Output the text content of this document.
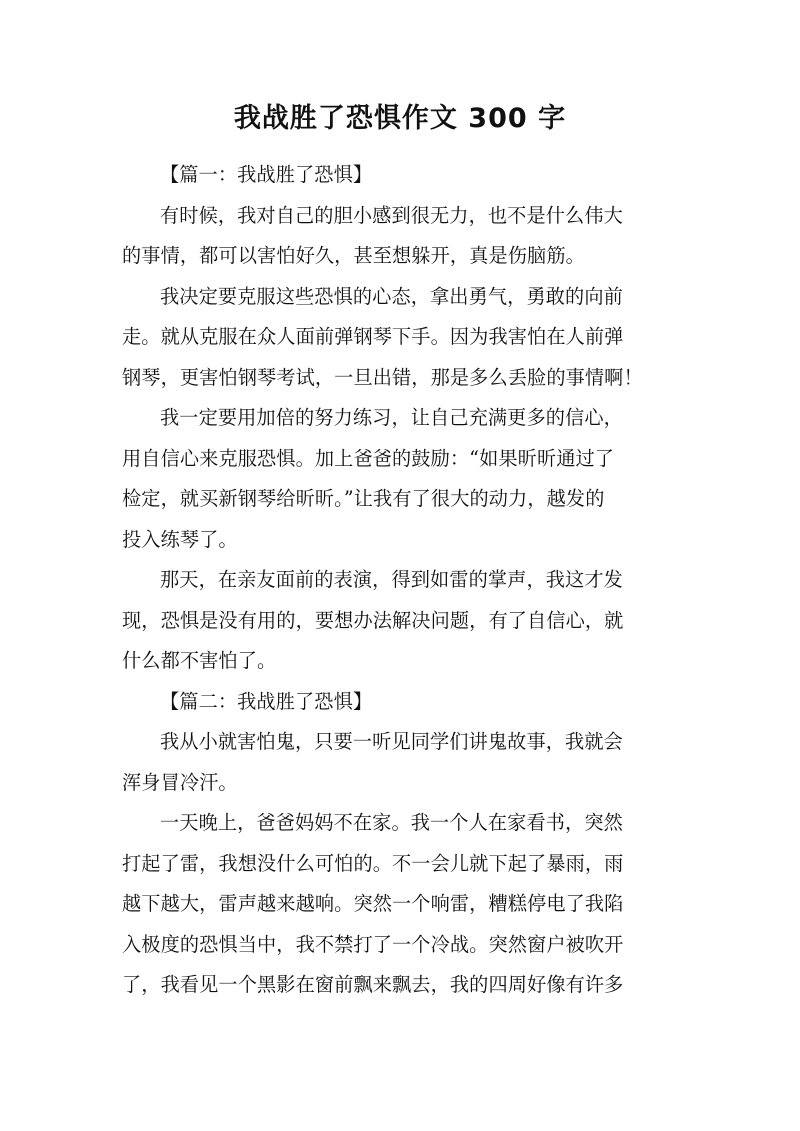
我战胜了恐惧作文 300 字
【篇一：我战胜了恐惧】
有时候，我对自己的胆小感到很无力，也不是什么伟大
的事情，都可以害怕好久，甚至想躲开，真是伤脑筋。
我决定要克服这些恐惧的心态，拿出勇气，勇敢的向前
走。就从克服在众人面前弹钢琴下手。因为我害怕在人前弹
钢琴，更害怕钢琴考试，一旦出错，那是多么丢脸的事情啊！
我一定要用加倍的努力练习，让自己充满更多的信心，
用自信心来克服恐惧。加上爸爸的鼓励：“如果昕昕通过了
检定，就买新钢琴给昕昕。”让我有了很大的动力，越发的
投入练琴了。
那天，在亲友面前的表演，得到如雷的掌声，我这才发
现，恐惧是没有用的，要想办法解决问题，有了自信心，就
什么都不害怕了。
【篇二：我战胜了恐惧】
我从小就害怕鬼，只要一听见同学们讲鬼故事，我就会
浑身冒冷汗。
一天晚上，爸爸妈妈不在家。我一个人在家看书，突然
打起了雷，我想没什么可怕的。不一会儿就下起了暴雨，雨
越下越大，雷声越来越响。突然一个响雷，糟糕停电了我陷
入极度的恐惧当中，我不禁打了一个冷战。突然窗户被吹开
了，我看见一个黑影在窗前飘来飘去，我的四周好像有许多
